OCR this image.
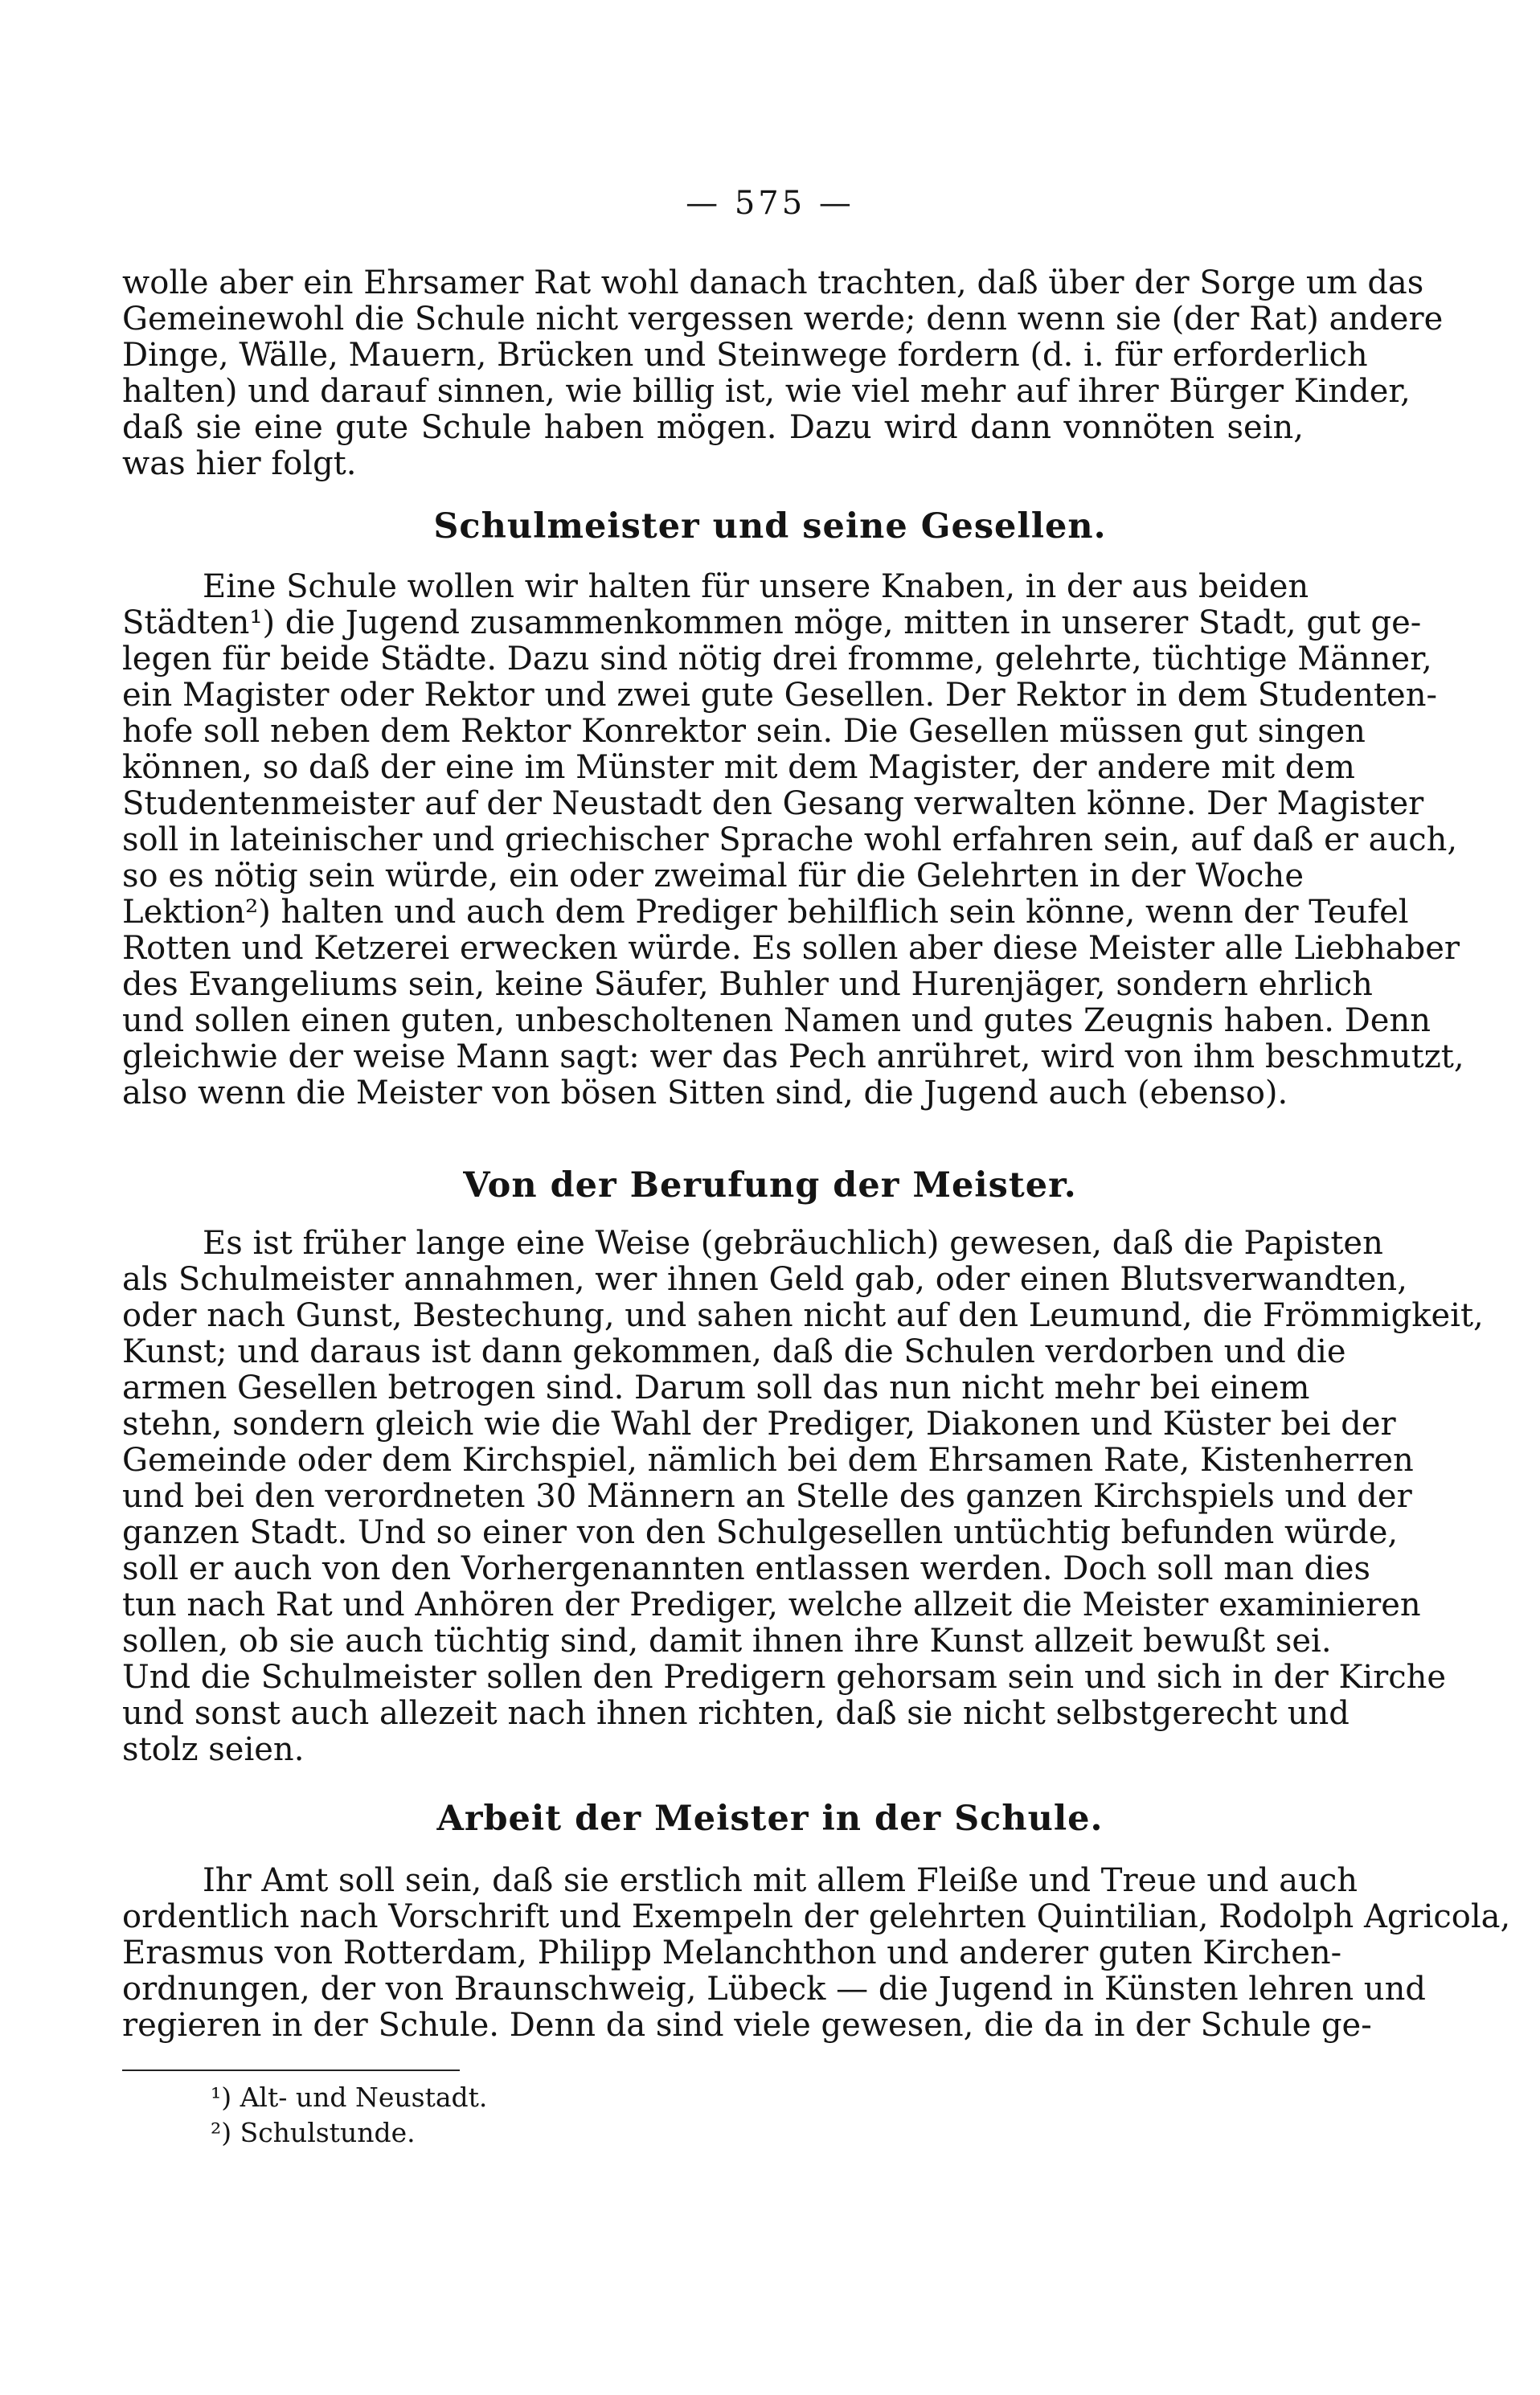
— 575 —
wolle aber ein Ehrsamer Rat wohl danach trachten, daß über der Sorge um das
Gemeinewohl die Schule nicht vergessen werde; denn wenn sie (der Rat) andere
Dinge, Wälle, Mauern, Brücken und Steinwege fordern (d. i. für erforderlich
halten) und darauf sinnen, wie billig ist, wie viel mehr auf ihrer Bürger Kinder,
daß sie eine gute Schule haben mögen. Dazu wird dann vonnöten sein,
was hier folgt.
Schulmeister und seine Gesellen.
Eine Schule wollen wir halten für unsere Knaben, in der aus beiden
Städten¹) die Jugend zusammenkommen möge, mitten in unserer Stadt, gut ge-
legen für beide Städte. Dazu sind nötig drei fromme, gelehrte, tüchtige Männer,
ein Magister oder Rektor und zwei gute Gesellen. Der Rektor in dem Studenten-
hofe soll neben dem Rektor Konrektor sein. Die Gesellen müssen gut singen
können, so daß der eine im Münster mit dem Magister, der andere mit dem
Studentenmeister auf der Neustadt den Gesang verwalten könne. Der Magister
soll in lateinischer und griechischer Sprache wohl erfahren sein, auf daß er auch,
so es nötig sein würde, ein oder zweimal für die Gelehrten in der Woche
Lektion²) halten und auch dem Prediger behilflich sein könne, wenn der Teufel
Rotten und Ketzerei erwecken würde. Es sollen aber diese Meister alle Liebhaber
des Evangeliums sein, keine Säufer, Buhler und Hurenjäger, sondern ehrlich
und sollen einen guten, unbescholtenen Namen und gutes Zeugnis haben. Denn
gleichwie der weise Mann sagt: wer das Pech anrühret, wird von ihm beschmutzt,
also wenn die Meister von bösen Sitten sind, die Jugend auch (ebenso).
Von der Berufung der Meister.
Es ist früher lange eine Weise (gebräuchlich) gewesen, daß die Papisten
als Schulmeister annahmen, wer ihnen Geld gab, oder einen Blutsverwandten,
oder nach Gunst, Bestechung, und sahen nicht auf den Leumund, die Frömmigkeit,
Kunst; und daraus ist dann gekommen, daß die Schulen verdorben und die
armen Gesellen betrogen sind. Darum soll das nun nicht mehr bei einem
stehn, sondern gleich wie die Wahl der Prediger, Diakonen und Küster bei der
Gemeinde oder dem Kirchspiel, nämlich bei dem Ehrsamen Rate, Kistenherren
und bei den verordneten 30 Männern an Stelle des ganzen Kirchspiels und der
ganzen Stadt. Und so einer von den Schulgesellen untüchtig befunden würde,
soll er auch von den Vorhergenannten entlassen werden. Doch soll man dies
tun nach Rat und Anhören der Prediger, welche allzeit die Meister examinieren
sollen, ob sie auch tüchtig sind, damit ihnen ihre Kunst allzeit bewußt sei.
Und die Schulmeister sollen den Predigern gehorsam sein und sich in der Kirche
und sonst auch allezeit nach ihnen richten, daß sie nicht selbstgerecht und
stolz seien.
Arbeit der Meister in der Schule.
Ihr Amt soll sein, daß sie erstlich mit allem Fleiße und Treue und auch
ordentlich nach Vorschrift und Exempeln der gelehrten Quintilian, Rodolph Agricola,
Erasmus von Rotterdam, Philipp Melanchthon und anderer guten Kirchen-
ordnungen, der von Braunschweig, Lübeck — die Jugend in Künsten lehren und
regieren in der Schule. Denn da sind viele gewesen, die da in der Schule ge-
¹) Alt- und Neustadt.
²) Schulstunde.
